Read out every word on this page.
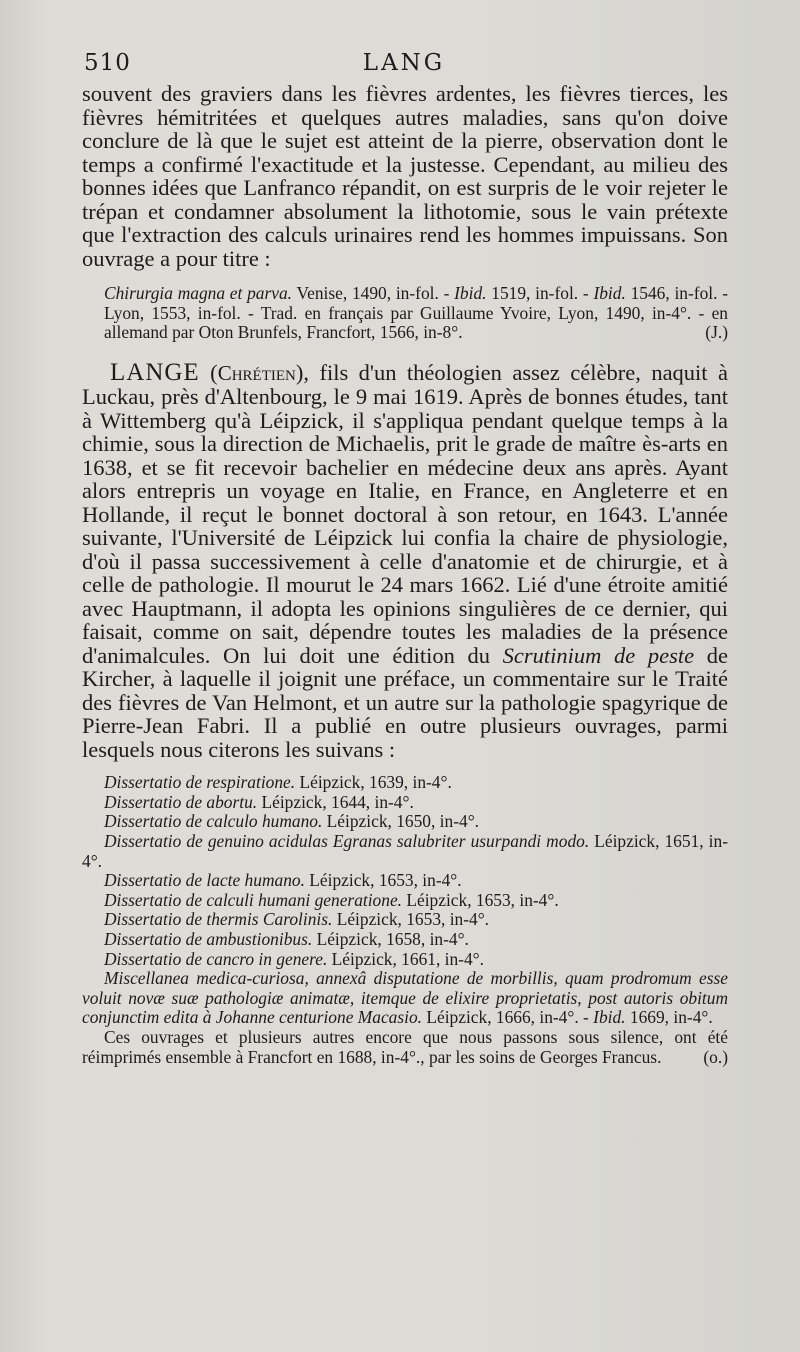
510	LANG

souvent des graviers dans les fièvres ardentes, les fièvres tierces, les fièvres hémitritées et quelques autres maladies, sans qu'on doive conclure de là que le sujet est atteint de la pierre, observation dont le temps a confirmé l'exactitude et la justesse. Cependant, au milieu des bonnes idées que Lanfranco répandit, on est surpris de le voir rejeter le trépan et condamner absolument la lithotomie, sous le vain prétexte que l'extraction des calculs urinaires rend les hommes impuissans. Son ouvrage a pour titre :

Chirurgia magna et parva. Venise, 1490, in-fol. - Ibid. 1519, in-fol. - Ibid. 1546, in-fol. - Lyon, 1553, in-fol. - Trad. en français par Guillaume Yvoire, Lyon, 1490, in-4°. - en allemand par Oton Brunfels, Francfort, 1566, in-8°.	(J.)

LANGE (Chrétien), fils d'un théologien assez célèbre, naquit à Luckau, près d'Altenbourg, le 9 mai 1619. Après de bonnes études, tant à Wittemberg qu'à Léipzick, il s'appliqua pendant quelque temps à la chimie, sous la direction de Michaelis, prit le grade de maître ès-arts en 1638, et se fit recevoir bachelier en médecine deux ans après. Ayant alors entrepris un voyage en Italie, en France, en Angleterre et en Hollande, il reçut le bonnet doctoral à son retour, en 1643. L'année suivante, l'Université de Léipzick lui confia la chaire de physiologie, d'où il passa successivement à celle d'anatomie et de chirurgie, et à celle de pathologie. Il mourut le 24 mars 1662. Lié d'une étroite amitié avec Hauptmann, il adopta les opinions singulières de ce dernier, qui faisait, comme on sait, dépendre toutes les maladies de la présence d'animalcules. On lui doit une édition du Scrutinium de peste de Kircher, à laquelle il joignit une préface, un commentaire sur le Traité des fièvres de Van Helmont, et un autre sur la pathologie spagyrique de Pierre-Jean Fabri. Il a publié en outre plusieurs ouvrages, parmi lesquels nous citerons les suivans :

Dissertatio de respiratione. Léipzick, 1639, in-4°.
Dissertatio de abortu. Léipzick, 1644, in-4°.
Dissertatio de calculo humano. Léipzick, 1650, in-4°.

Dissertatio de genuino acidulas Egranas salubriter usurpandi modo. Léipzick, 1651, in-4°.

Dissertatio de lacte humano. Léipzick, 1653, in-4°.
Dissertatio de calculi humani generatione. Léipzick, 1653, in-4°.
Dissertatio de thermis Carolinis. Léipzick, 1653, in-4°.
Dissertatio de ambustionibus. Léipzick, 1658, in-4°.
Dissertatio de cancro in genere. Léipzick, 1661, in-4°.

Miscellanea medica-curiosa, annexâ disputatione de morbillis, quam prodromum esse voluit novæ suæ pathologiæ animatæ, itemque de elixire proprietatis, post autoris obitum conjunctim edita à Johanne centurione Macasio. Léipzick, 1666, in-4°. - Ibid. 1669, in-4°.

Ces ouvrages et plusieurs autres encore que nous passons sous silence, ont été réimprimés ensemble à Francfort en 1688, in-4°., par les soins de Georges Francus.	(o.)
